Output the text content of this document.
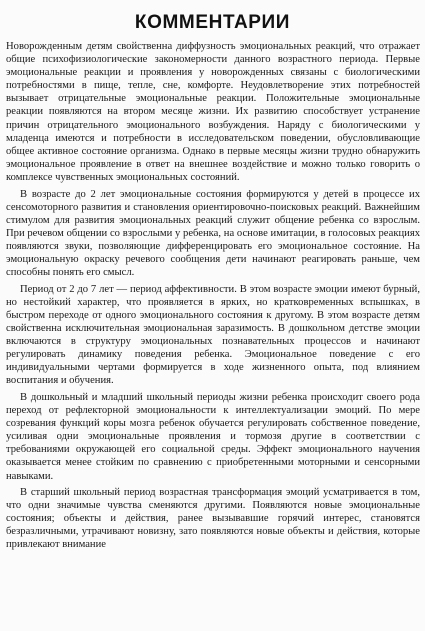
КОММЕНТАРИИ

Новорожденным детям свойственна диффузность эмоциональных реакций, что отражает общие психофизиологические закономерности данного возрастного периода. Первые эмоциональные реакции и проявления у новорожденных связаны с биологическими потребностями в пище, тепле, сне, комфорте. Неудовлетворение этих потребностей вызывает отрицательные эмоциональные реакции. Положительные эмоциональные реакции появляются на втором месяце жизни. Их развитию способствует устранение причин отрицательного эмоционального возбуждения. Наряду с биологическими у младенца имеются и потребности в исследовательском поведении, обусловливающие общее активное состояние организма. Однако в первые месяцы жизни трудно обнаружить эмоциональное проявление в ответ на внешнее воздействие и можно только говорить о комплексе чувственных эмоциональных состояний.

В возрасте до 2 лет эмоциональные состояния формируются у детей в процессе их сенсомоторного развития и становления ориентировочно-поисковых реакций. Важнейшим стимулом для развития эмоциональных реакций служит общение ребенка со взрослым. При речевом общении со взрослыми у ребенка, на основе имитации, в голосовых реакциях появляются звуки, позволяющие дифференцировать его эмоциональное состояние. На эмоциональную окраску речевого сообщения дети начинают реагировать раньше, чем способны понять его смысл.

Период от 2 до 7 лет — период аффективности. В этом возрасте эмоции имеют бурный, но нестойкий характер, что проявляется в ярких, но кратковременных вспышках, в быстром переходе от одного эмоционального состояния к другому. В этом возрасте детям свойственна исключительная эмоциональная заразимость. В дошкольном детстве эмоции включаются в структуру эмоциональных познавательных процессов и начинают регулировать динамику поведения ребенка. Эмоциональное поведение с его индивидуальными чертами формируется в ходе жизненного опыта, под влиянием воспитания и обучения.

В дошкольный и младший школьный периоды жизни ребенка происходит своего рода переход от рефлекторной эмоциональности к интеллектуализации эмоций. По мере созревания функций коры мозга ребенок обучается регулировать собственное поведение, усиливая одни эмоциональные проявления и тормозя другие в соответствии с требованиями окружающей его социальной среды. Эффект эмоционального научения оказывается менее стойким по сравнению с приобретенными моторными и сенсорными навыками.

В старший школьный период возрастная трансформация эмоций усматривается в том, что одни значимые чувства сменяются другими. Появляются новые эмоциональные состояния; объекты и действия, ранее вызывавшие горячий интерес, становятся безразличными, утрачивают новизну, зато появляются новые объекты и действия, которые привлекают внимание
